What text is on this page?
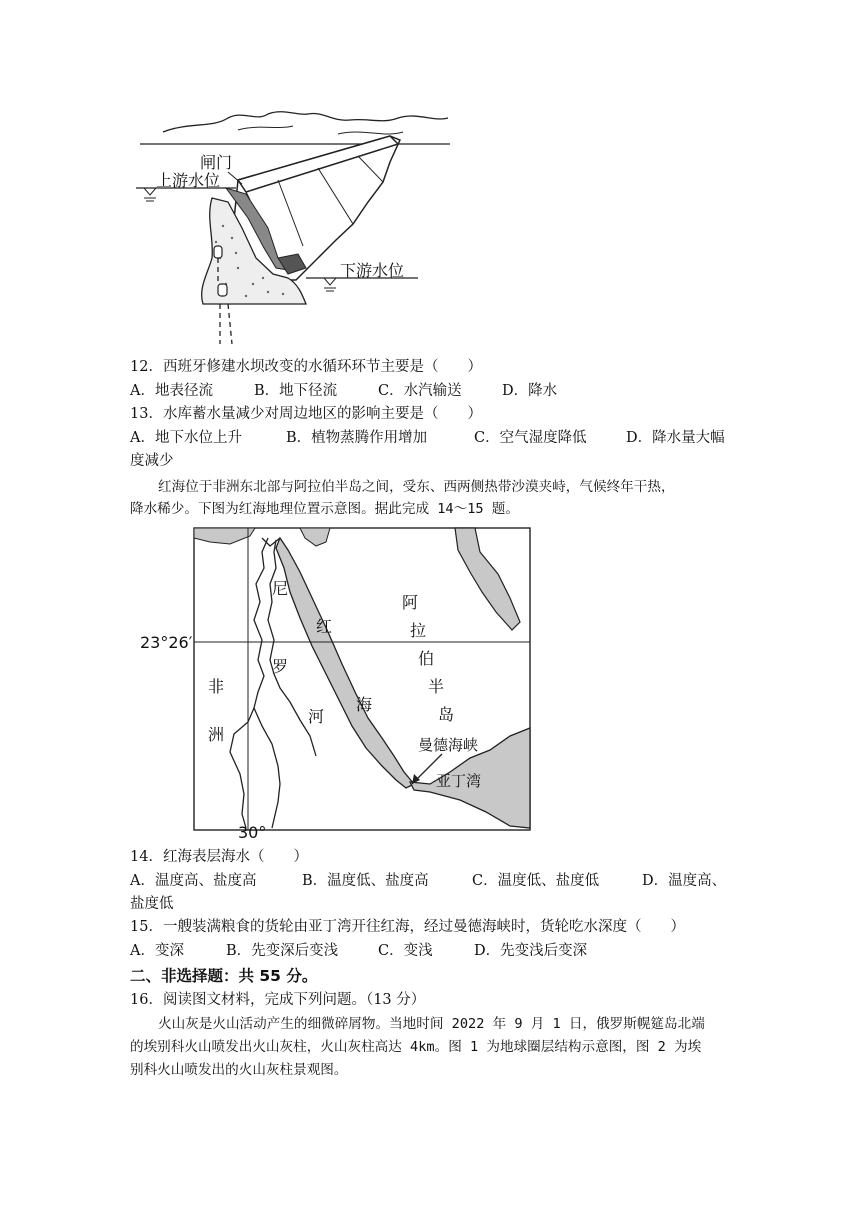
闸门
上游水位
下游水位
12．西班牙修建水坝改变的水循环环节主要是（　　）
A．地表径流	B．地下径流	C．水汽输送	D．降水
13．水库蓄水量减少对周边地区的影响主要是（　　）
A．地下水位上升	B．植物蒸腾作用增加	C．空气湿度降低	D．降水量大幅
度减少
红海位于非洲东北部与阿拉伯半岛之间，受东、西两侧热带沙漠夹峙，气候终年干热，
降水稀少。下图为红海地理位置示意图。据此完成 14～15 题。
23°26′
30°
尼
罗
河
红
海
阿
拉
伯
半
岛
非
洲
曼德海峡
亚丁湾
14．红海表层海水（　　）
A．温度高、盐度高	B．温度低、盐度高	C．温度低、盐度低	D．温度高、
盐度低
15．一艘装满粮食的货轮由亚丁湾开往红海，经过曼德海峡时，货轮吃水深度（　　）
A．变深	B．先变深后变浅	C．变浅	D．先变浅后变深
二、非选择题：共 55 分。
16．阅读图文材料，完成下列问题。（13 分）
火山灰是火山活动产生的细微碎屑物。当地时间 2022 年 9 月 1 日，俄罗斯幌筵岛北端
的埃别科火山喷发出火山灰柱，火山灰柱高达 4km。图 1 为地球圈层结构示意图，图 2 为埃
别科火山喷发出的火山灰柱景观图。
